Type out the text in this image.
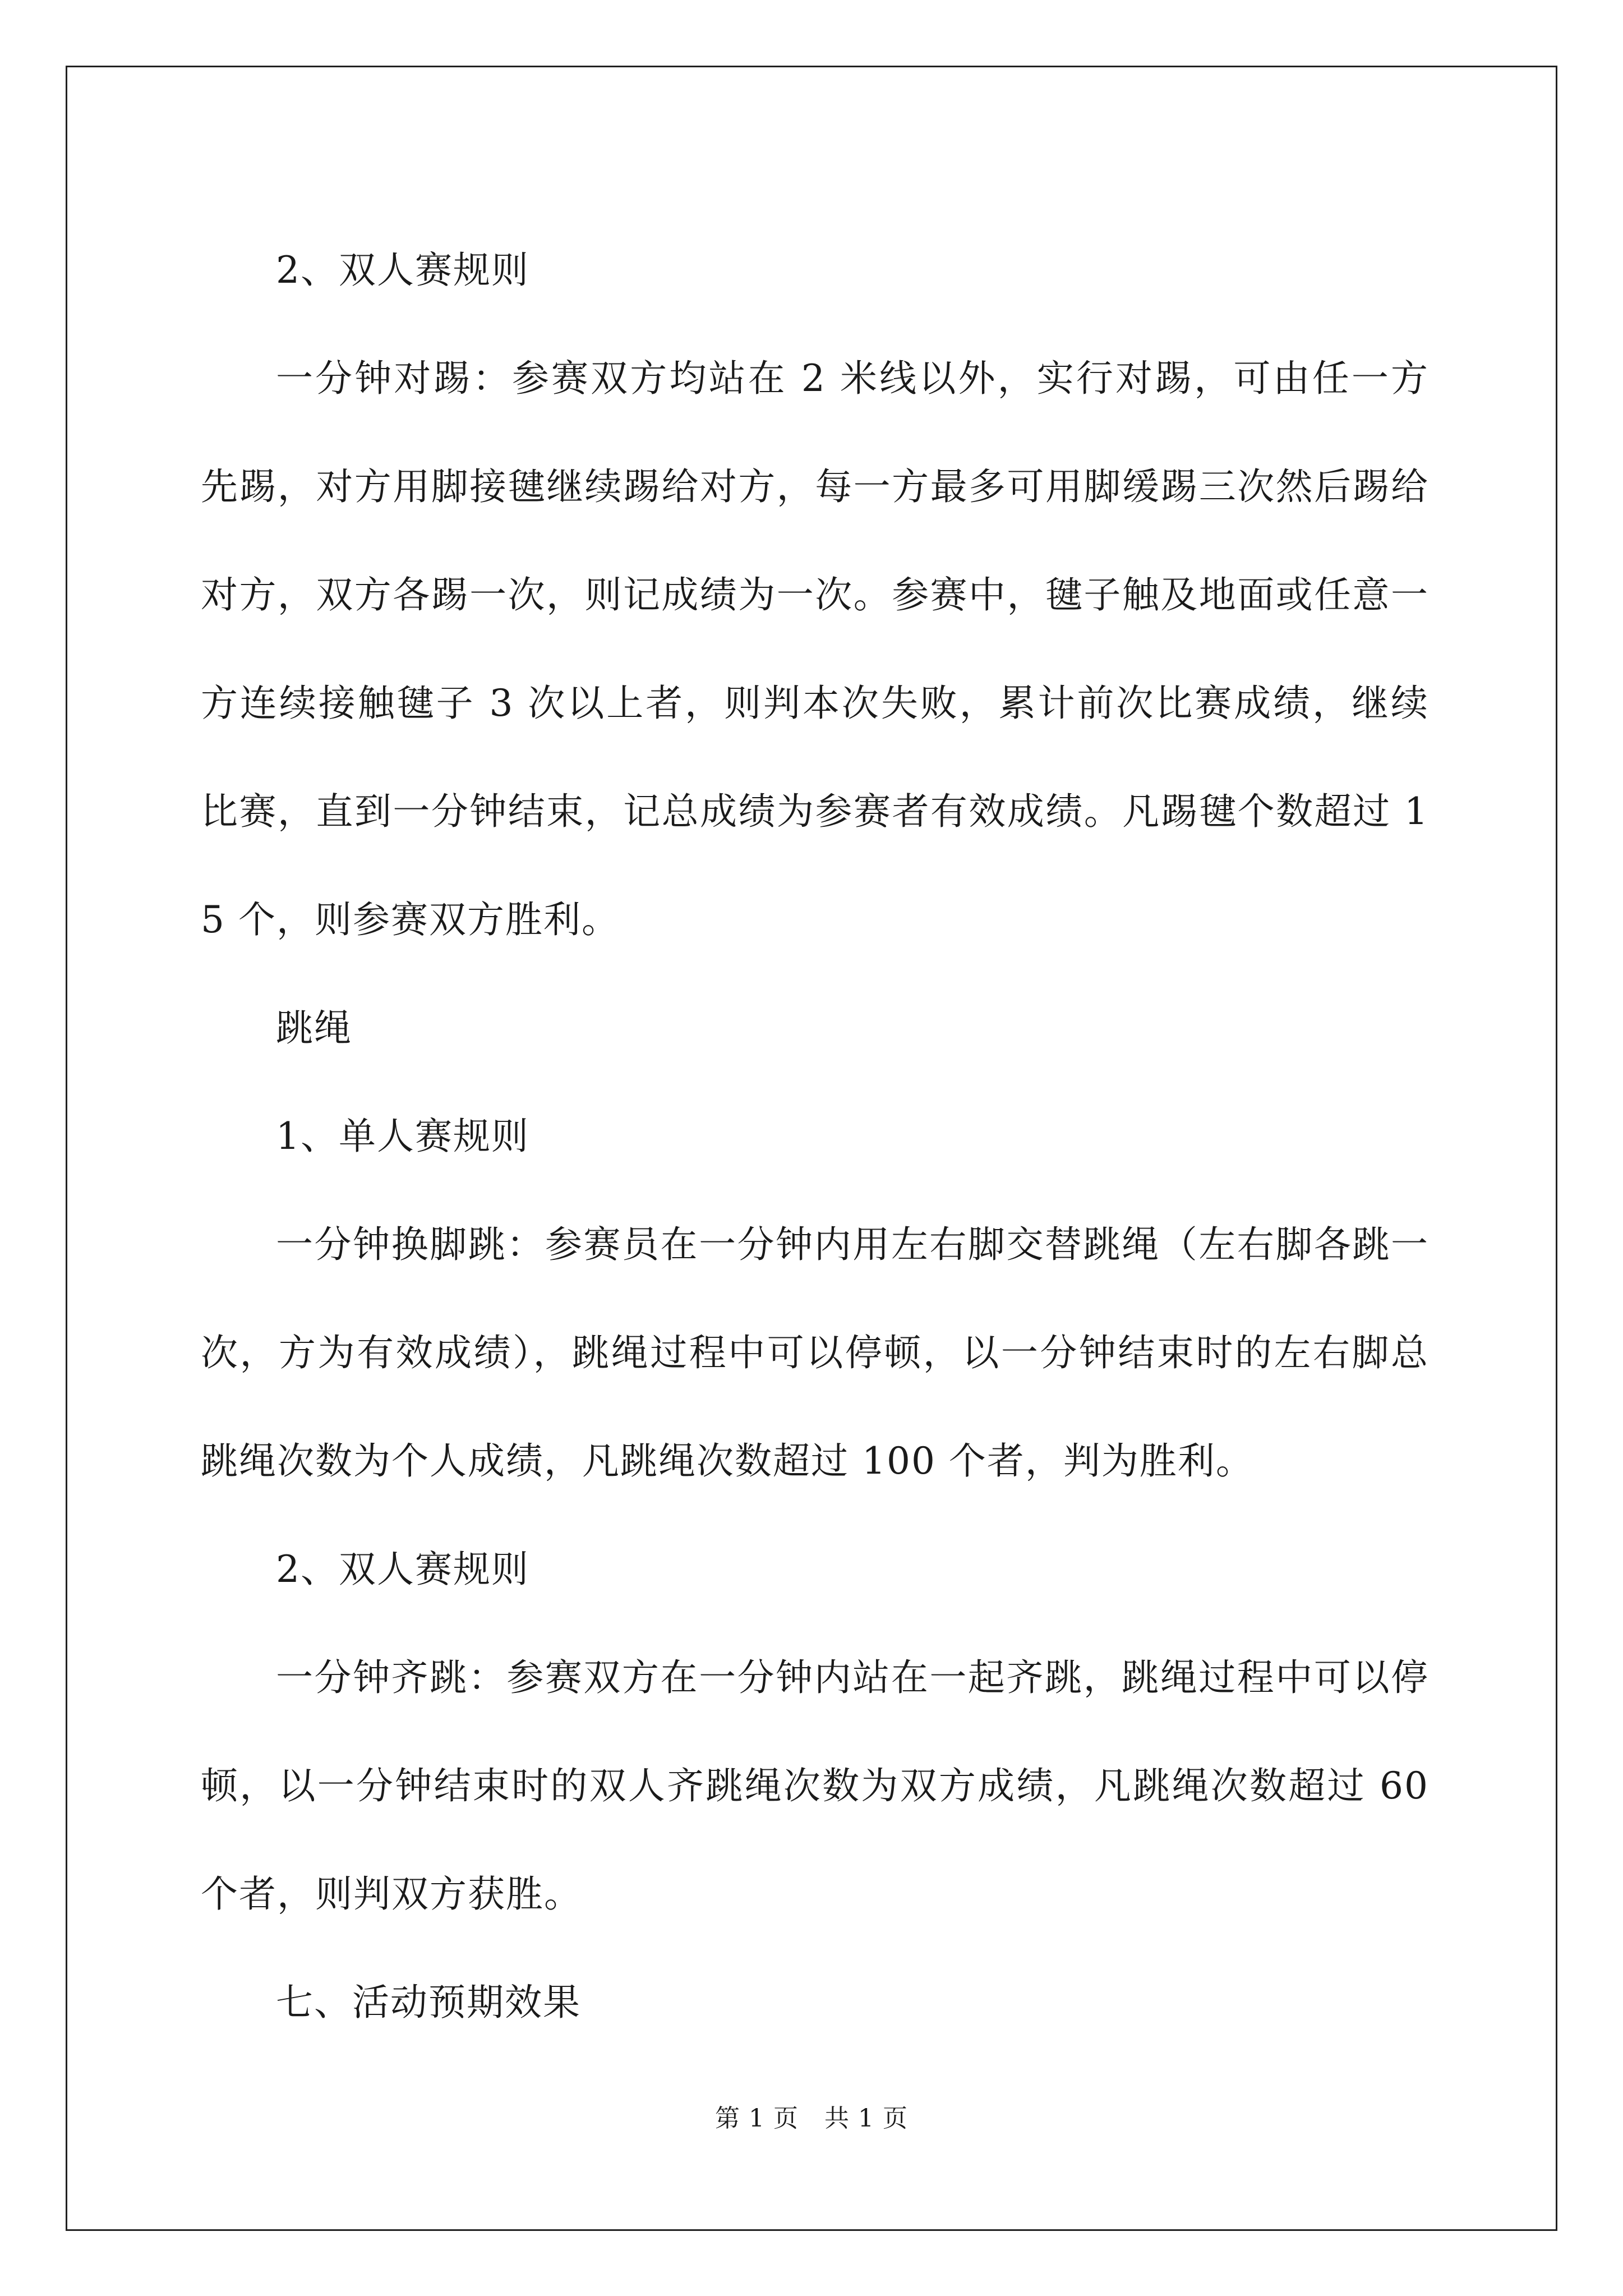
2、双人赛规则

一分钟对踢：参赛双方均站在 2 米线以外，实行对踢，可由任一方先踢，对方用脚接毽继续踢给对方，每一方最多可用脚缓踢三次然后踢给对方，双方各踢一次，则记成绩为一次。参赛中，毽子触及地面或任意一方连续接触毽子 3 次以上者，则判本次失败，累计前次比赛成绩，继续比赛，直到一分钟结束，记总成绩为参赛者有效成绩。凡踢毽个数超过 15 个，则参赛双方胜利。

跳绳

1、单人赛规则

一分钟换脚跳：参赛员在一分钟内用左右脚交替跳绳（左右脚各跳一次，方为有效成绩），跳绳过程中可以停顿，以一分钟结束时的左右脚总跳绳次数为个人成绩，凡跳绳次数超过 100 个者，判为胜利。

2、双人赛规则

一分钟齐跳：参赛双方在一分钟内站在一起齐跳，跳绳过程中可以停顿，以一分钟结束时的双人齐跳绳次数为双方成绩，凡跳绳次数超过 60 个者，则判双方获胜。

七、活动预期效果

第 1 页 共 1 页
